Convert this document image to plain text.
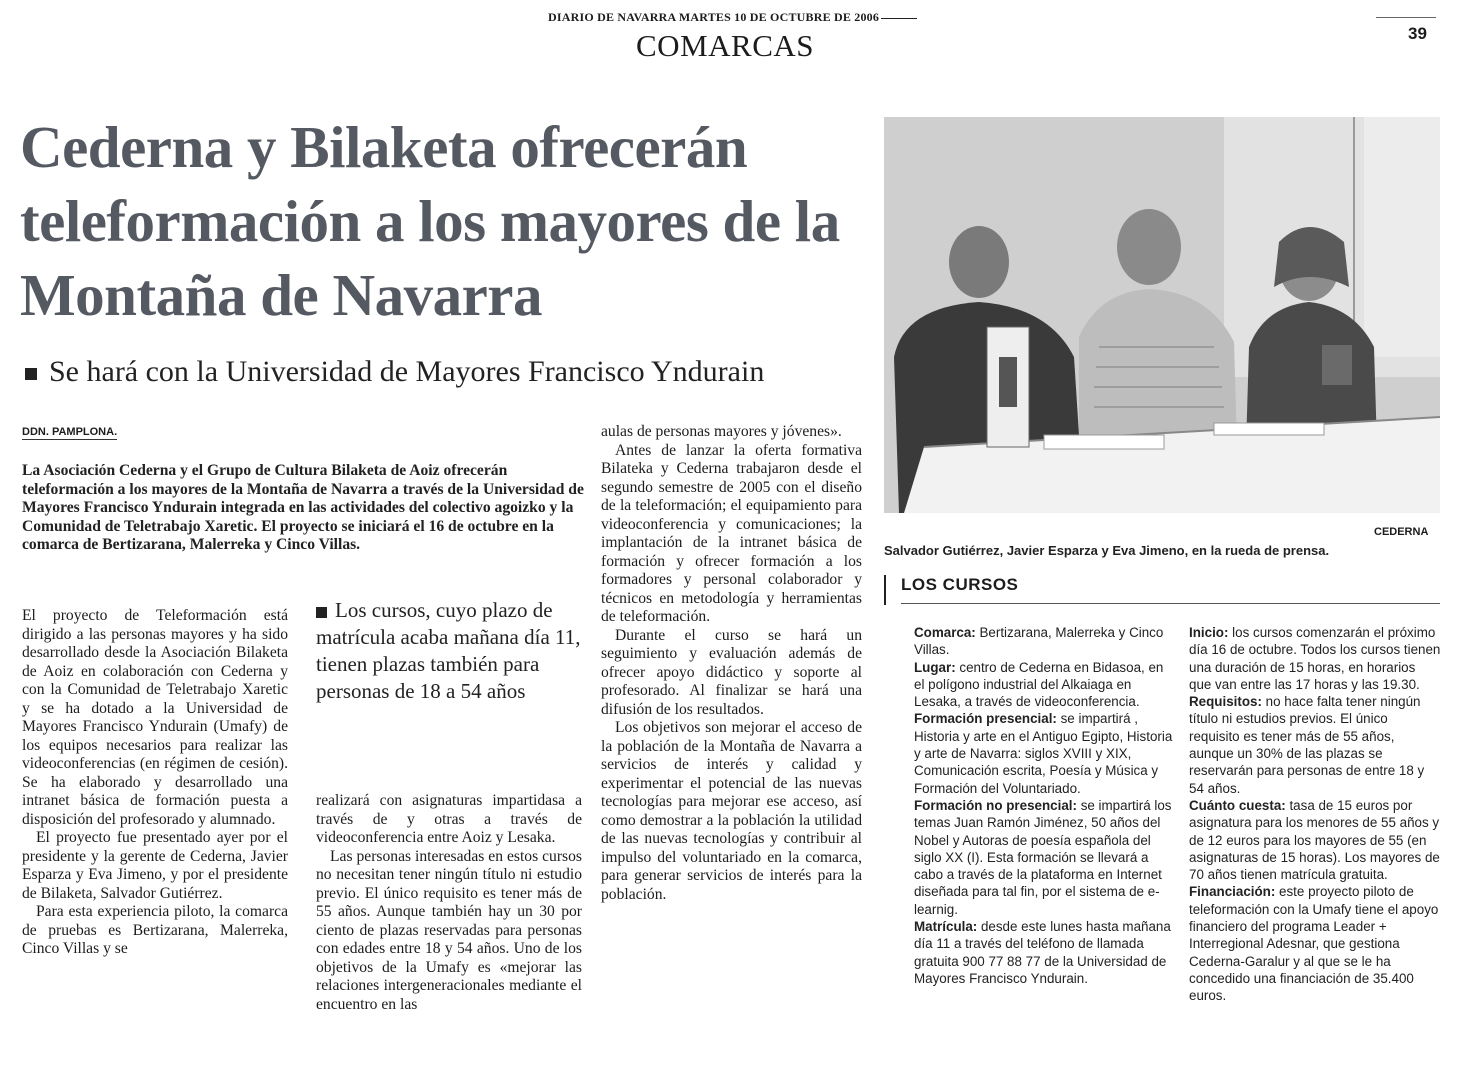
DIARIO DE NAVARRA MARTES 10 DE OCTUBRE DE 2006
COMARCAS	39
Cederna y Bilaketa ofrecerán teleformación a los mayores de la Montaña de Navarra
Se hará con la Universidad de Mayores Francisco Yndurain
DDN. PAMPLONA.
La Asociación Cederna y el Grupo de Cultura Bilaketa de Aoiz ofrecerán teleformación a los mayores de la Montaña de Navarra a través de la Universidad de Mayores Francisco Yndurain integrada en las actividades del colectivo agoizko y la Comunidad de Teletrabajo Xaretic. El proyecto se iniciará el 16 de octubre en la comarca de Bertizarana, Malerreka y Cinco Villas.

El proyecto de Teleformación está dirigido a las personas mayores y ha sido desarrollado desde la Asociación Bilaketa de Aoiz en colaboración con Cederna y con la Comunidad de Teletrabajo Xaretic y se ha dotado a la Universidad de Mayores Francisco Yndurain (Umafy) de los equipos necesarios para realizar las videoconferencias (en régimen de cesión). Se ha elaborado y desarrollado una intranet básica de formación puesta a disposición del profesorado y alumnado.

El proyecto fue presentado ayer por el presidente y la gerente de Cederna, Javier Esparza y Eva Jimeno, y por el presidente de Bilaketa, Salvador Gutiérrez.

Para esta experiencia piloto, la comarca de pruebas es Bertizarana, Malerreka, Cinco Villas y se

Los cursos, cuyo plazo de matrícula acaba mañana día 11, tienen plazas también para personas de 18 a 54 años

realizará con asignaturas impartidasa a través de y otras a través de videoconferencia entre Aoiz y Lesaka.

Las personas interesadas en estos cursos no necesitan tener ningún título ni estudio previo. El único requisito es tener más de 55 años. Aunque también hay un 30 por ciento de plazas reservadas para personas con edades entre 18 y 54 años. Uno de los objetivos de la Umafy es «mejorar las relaciones intergeneracionales mediante el encuentro en las

aulas de personas mayores y jóvenes».

Antes de lanzar la oferta formativa Bilateka y Cederna trabajaron desde el segundo semestre de 2005 con el diseño de la teleformación; el equipamiento para videoconferencia y comunicaciones; la implantación de la intranet básica de formación y ofrecer formación a los formadores y personal colaborador y técnicos en metodología y herramientas de teleformación.

Durante el curso se hará un seguimiento y evaluación además de ofrecer apoyo didáctico y soporte al profesorado. Al finalizar se hará una difusión de los resultados.

Los objetivos son mejorar el acceso de la población de la Montaña de Navarra a servicios de interés y calidad y experimentar el potencial de las nuevas tecnologías para mejorar ese acceso, así como demostrar a la población la utilidad de las nuevas tecnologías y contribuir al impulso del voluntariado en la comarca, para generar servicios de interés para la población.

CEDERNA
Salvador Gutiérrez, Javier Esparza y Eva Jimeno, en la rueda de prensa.
LOS CURSOS

Comarca: Bertizarana, Malerreka y Cinco Villas.

Lugar: centro de Cederna en Bidasoa, en el polígono industrial del Alkaiaga en Lesaka, a través de videoconferencia.

Formación presencial: se impartirá , Historia y arte en el Antiguo Egipto, Historia y arte de Navarra: siglos XVIII y XIX, Comunicación escrita, Poesía y Música y Formación del Voluntariado.

Formación no presencial: se impartirá los temas Juan Ramón Jiménez, 50 años del Nobel y Autoras de poesía española del siglo XX (I). Esta formación se llevará a cabo a través de la plataforma en Internet diseñada para tal fin, por el sistema de e-learnig.

Matrícula: desde este lunes hasta mañana día 11 a través del teléfono de llamada gratuita 900 77 88 77 de la Universidad de Mayores Francisco Yndurain.

Inicio: los cursos comenzarán el próximo día 16 de octubre. Todos los cursos tienen una duración de 15 horas, en horarios que van entre las 17 horas y las 19.30.

Requisitos: no hace falta tener ningún título ni estudios previos. El único requisito es tener más de 55 años, aunque un 30% de las plazas se reservarán para personas de entre 18 y 54 años.

Cuánto cuesta: tasa de 15 euros por asignatura para los menores de 55 años y de 12 euros para los mayores de 55 (en asignaturas de 15 horas). Los mayores de 70 años tienen matrícula gratuita.

Financiación: este proyecto piloto de teleformación con la Umafy tiene el apoyo financiero del programa Leader + Interregional Adesnar, que gestiona Cederna-Garalur y al que se le ha concedido una financiación de 35.400 euros.
